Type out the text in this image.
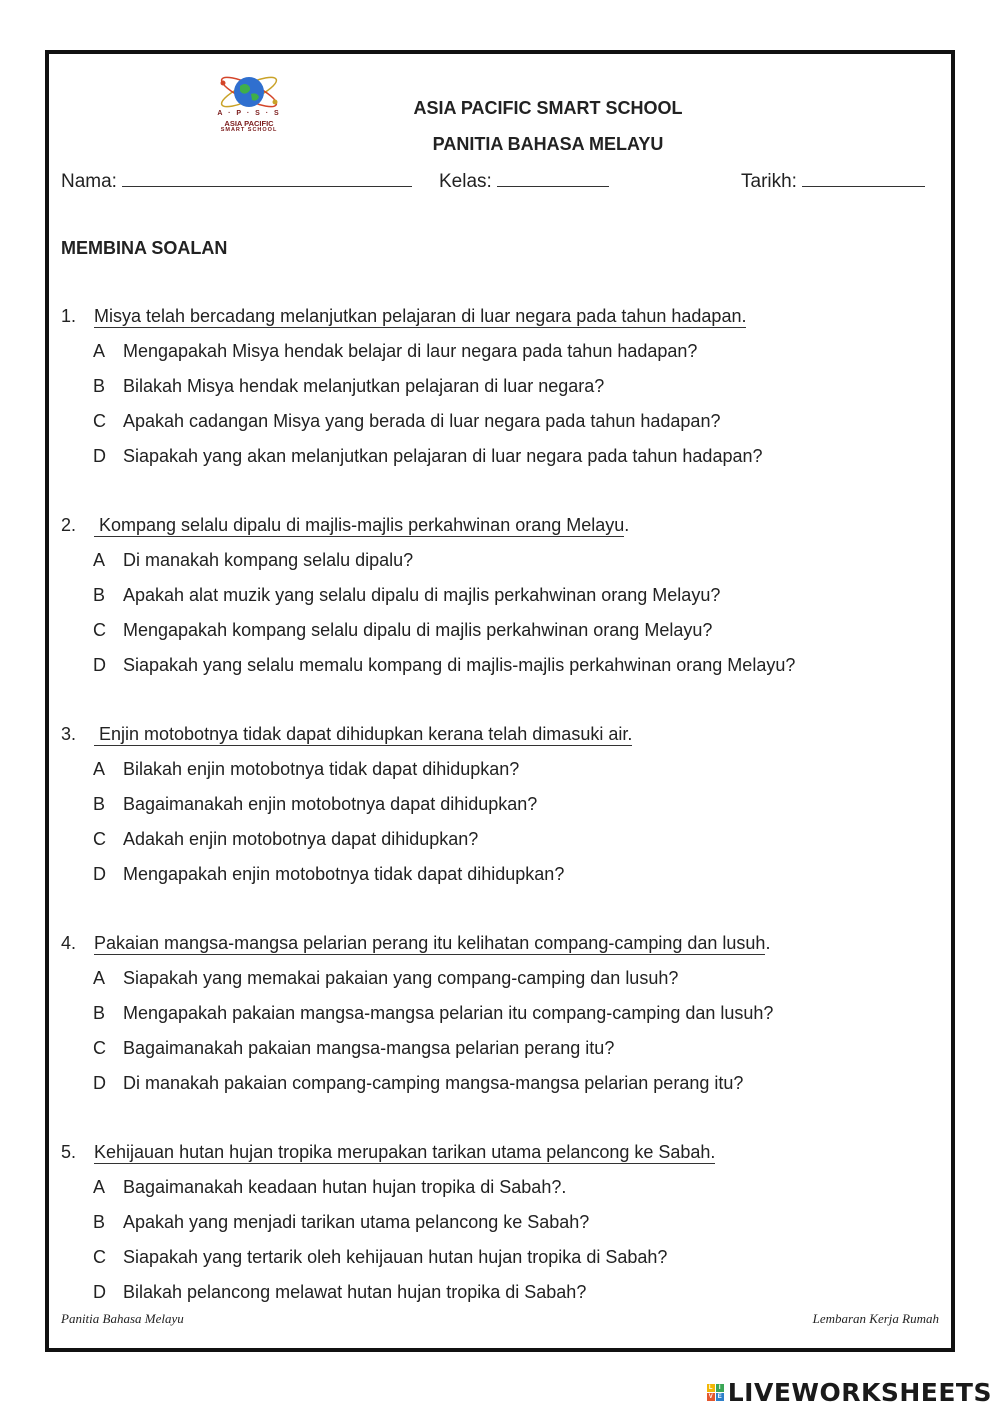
A · P · S · S
ASIA PACIFIC
SMART SCHOOL
ASIA PACIFIC SMART SCHOOL
PANITIA BAHASA MELAYU
Nama:	Kelas:	Tarikh:
MEMBINA SOALAN
1. Misya telah bercadang melanjutkan pelajaran di luar negara pada tahun hadapan.
A Mengapakah Misya hendak belajar di laur negara pada tahun hadapan?
B Bilakah Misya hendak melanjutkan pelajaran di luar negara?
C Apakah cadangan Misya yang berada di luar negara pada tahun hadapan?
D Siapakah yang akan melanjutkan pelajaran di luar negara pada tahun hadapan?
2. Kompang selalu dipalu di majlis-majlis perkahwinan orang Melayu.
A Di manakah kompang selalu dipalu?
B Apakah alat muzik yang selalu dipalu di majlis perkahwinan orang Melayu?
C Mengapakah kompang selalu dipalu di majlis perkahwinan orang Melayu?
D Siapakah yang selalu memalu kompang di majlis-majlis perkahwinan orang Melayu?
3. Enjin motobotnya tidak dapat dihidupkan kerana telah dimasuki air.
A Bilakah enjin motobotnya tidak dapat dihidupkan?
B Bagaimanakah enjin motobotnya dapat dihidupkan?
C Adakah enjin motobotnya dapat dihidupkan?
D Mengapakah enjin motobotnya tidak dapat dihidupkan?
4. Pakaian mangsa-mangsa pelarian perang itu kelihatan compang-camping dan lusuh.
A Siapakah yang memakai pakaian yang compang-camping dan lusuh?
B Mengapakah pakaian mangsa-mangsa pelarian itu compang-camping dan lusuh?
C Bagaimanakah pakaian mangsa-mangsa pelarian perang itu?
D Di manakah pakaian compang-camping mangsa-mangsa pelarian perang itu?
5. Kehijauan hutan hujan tropika merupakan tarikan utama pelancong ke Sabah.
A Bagaimanakah keadaan hutan hujan tropika di Sabah?.
B Apakah yang menjadi tarikan utama pelancong ke Sabah?
C Siapakah yang tertarik oleh kehijauan hutan hujan tropika di Sabah?
D Bilakah pelancong melawat hutan hujan tropika di Sabah?
Panitia Bahasa Melayu	Lembaran Kerja Rumah
L	I
V E LIVEWORKSHEETS
